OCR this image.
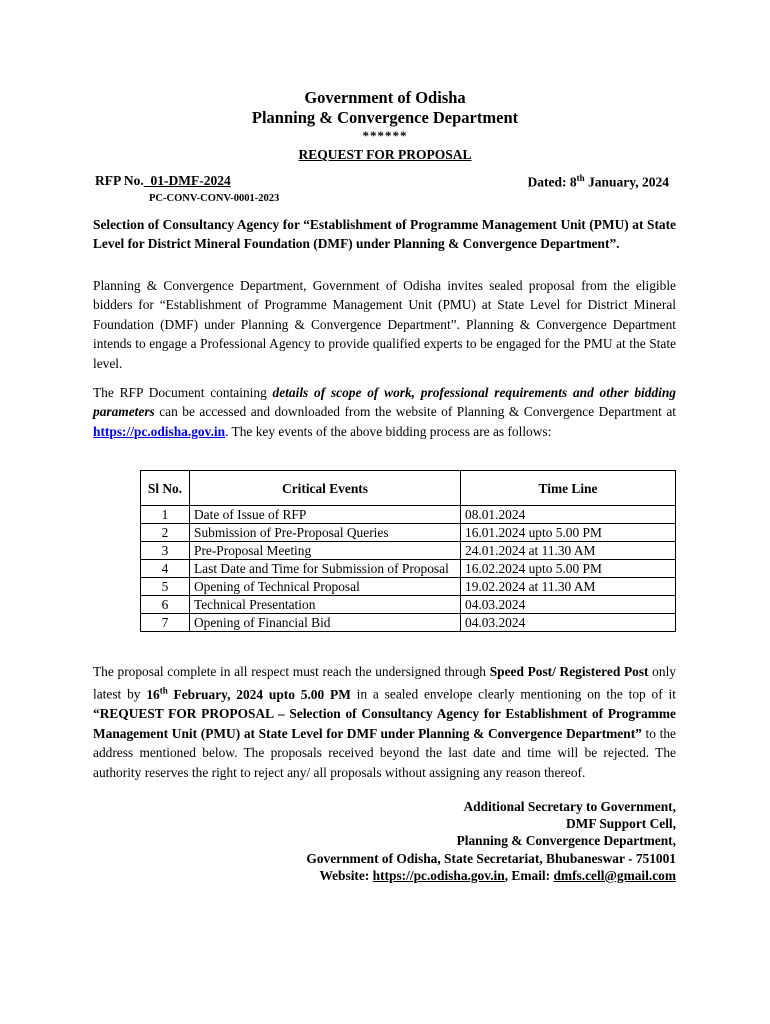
Government of Odisha
Planning & Convergence Department
******
REQUEST FOR PROPOSAL
RFP No.  01-DMF-2024	Dated: 8th January, 2024
PC-CONV-CONV-0001-2023
Selection of Consultancy Agency for “Establishment of Programme Management Unit (PMU) at State Level for District Mineral Foundation (DMF) under Planning & Convergence Department”.
Planning & Convergence Department, Government of Odisha invites sealed proposal from the eligible bidders for “Establishment of Programme Management Unit (PMU) at State Level for District Mineral Foundation (DMF) under Planning & Convergence Department”. Planning & Convergence Department intends to engage a Professional Agency to provide qualified experts to be engaged for the PMU at the State level.
The RFP Document containing details of scope of work, professional requirements and other bidding parameters can be accessed and downloaded from the website of Planning & Convergence Department at https://pc.odisha.gov.in. The key events of the above bidding process are as follows:
Sl No.	Critical Events	Time Line
1	Date of Issue of RFP	08.01.2024
2	Submission of Pre-Proposal Queries	16.01.2024 upto 5.00 PM
3	Pre-Proposal Meeting	24.01.2024 at 11.30 AM
4	Last Date and Time for Submission of Proposal	16.02.2024 upto 5.00 PM
5	Opening of Technical Proposal	19.02.2024 at 11.30 AM
6	Technical Presentation	04.03.2024
7	Opening of Financial Bid	04.03.2024
The proposal complete in all respect must reach the undersigned through Speed Post/ Registered Post only latest by 16th February, 2024 upto 5.00 PM in a sealed envelope clearly mentioning on the top of it “REQUEST FOR PROPOSAL – Selection of Consultancy Agency for Establishment of Programme Management Unit (PMU) at State Level for DMF under Planning & Convergence Department” to the address mentioned below. The proposals received beyond the last date and time will be rejected. The authority reserves the right to reject any/ all proposals without assigning any reason thereof.
Additional Secretary to Government,
DMF Support Cell,
Planning & Convergence Department,
Government of Odisha, State Secretariat, Bhubaneswar - 751001
Website: https://pc.odisha.gov.in, Email: dmfs.cell@gmail.com
